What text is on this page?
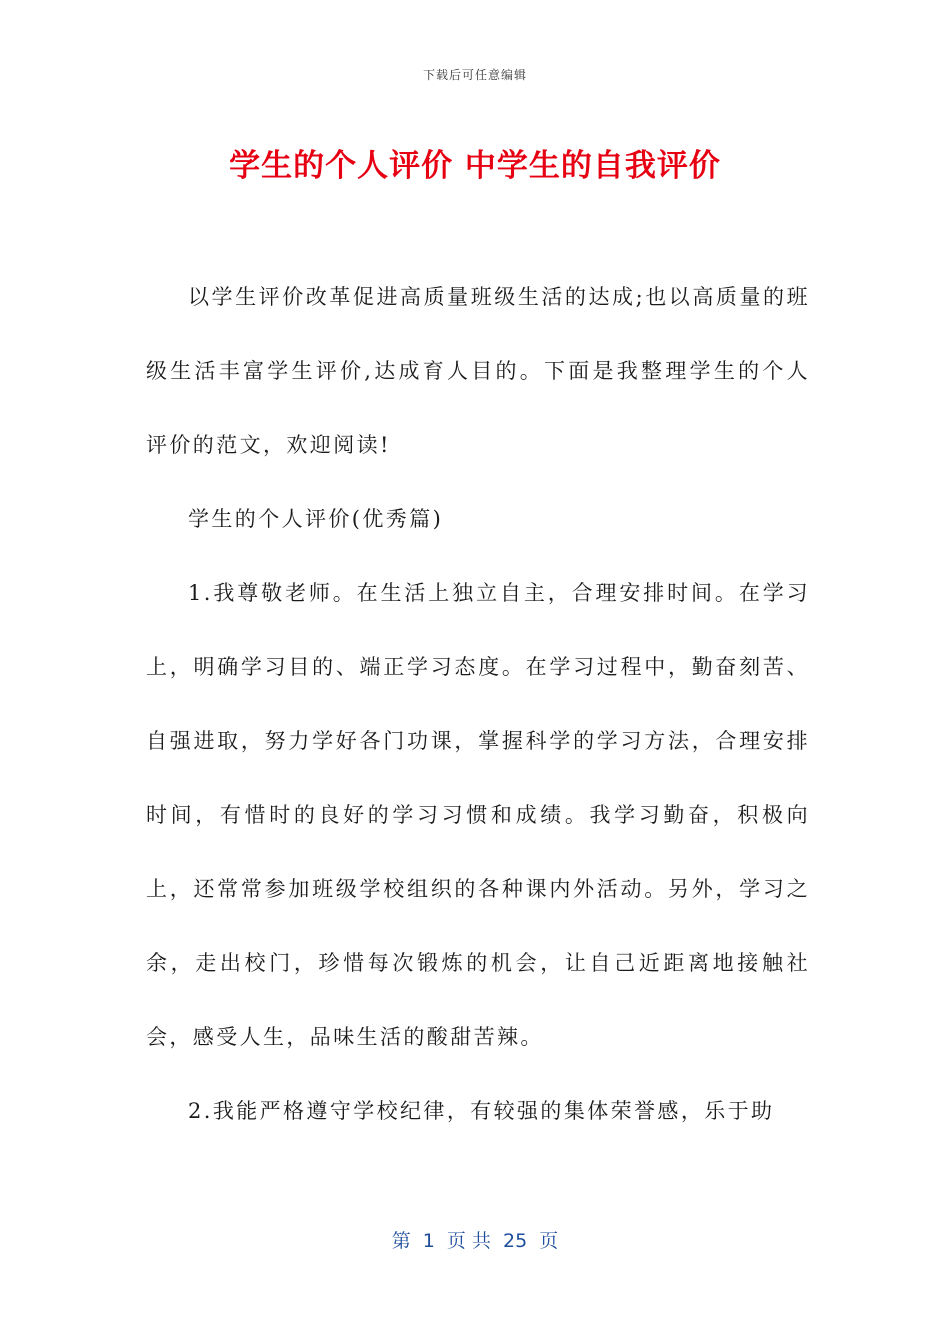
下载后可任意编辑
学生的个人评价 中学生的自我评价

以学生评价改革促进高质量班级生活的达成;也以高质量的班级生活丰富学生评价,达成育人目的。下面是我整理学生的个人评价的范文，欢迎阅读!

学生的个人评价(优秀篇)

1.我尊敬老师。在生活上独立自主，合理安排时间。在学习上，明确学习目的、端正学习态度。在学习过程中，勤奋刻苦、自强进取，努力学好各门功课，掌握科学的学习方法，合理安排时间，有惜时的良好的学习习惯和成绩。我学习勤奋，积极向上，还常常参加班级学校组织的各种课内外活动。另外，学习之余，走出校门，珍惜每次锻炼的机会，让自己近距离地接触社会，感受人生，品味生活的酸甜苦辣。

2.我能严格遵守学校纪律，有较强的集体荣誉感，乐于助

第  1  页 共  25  页
